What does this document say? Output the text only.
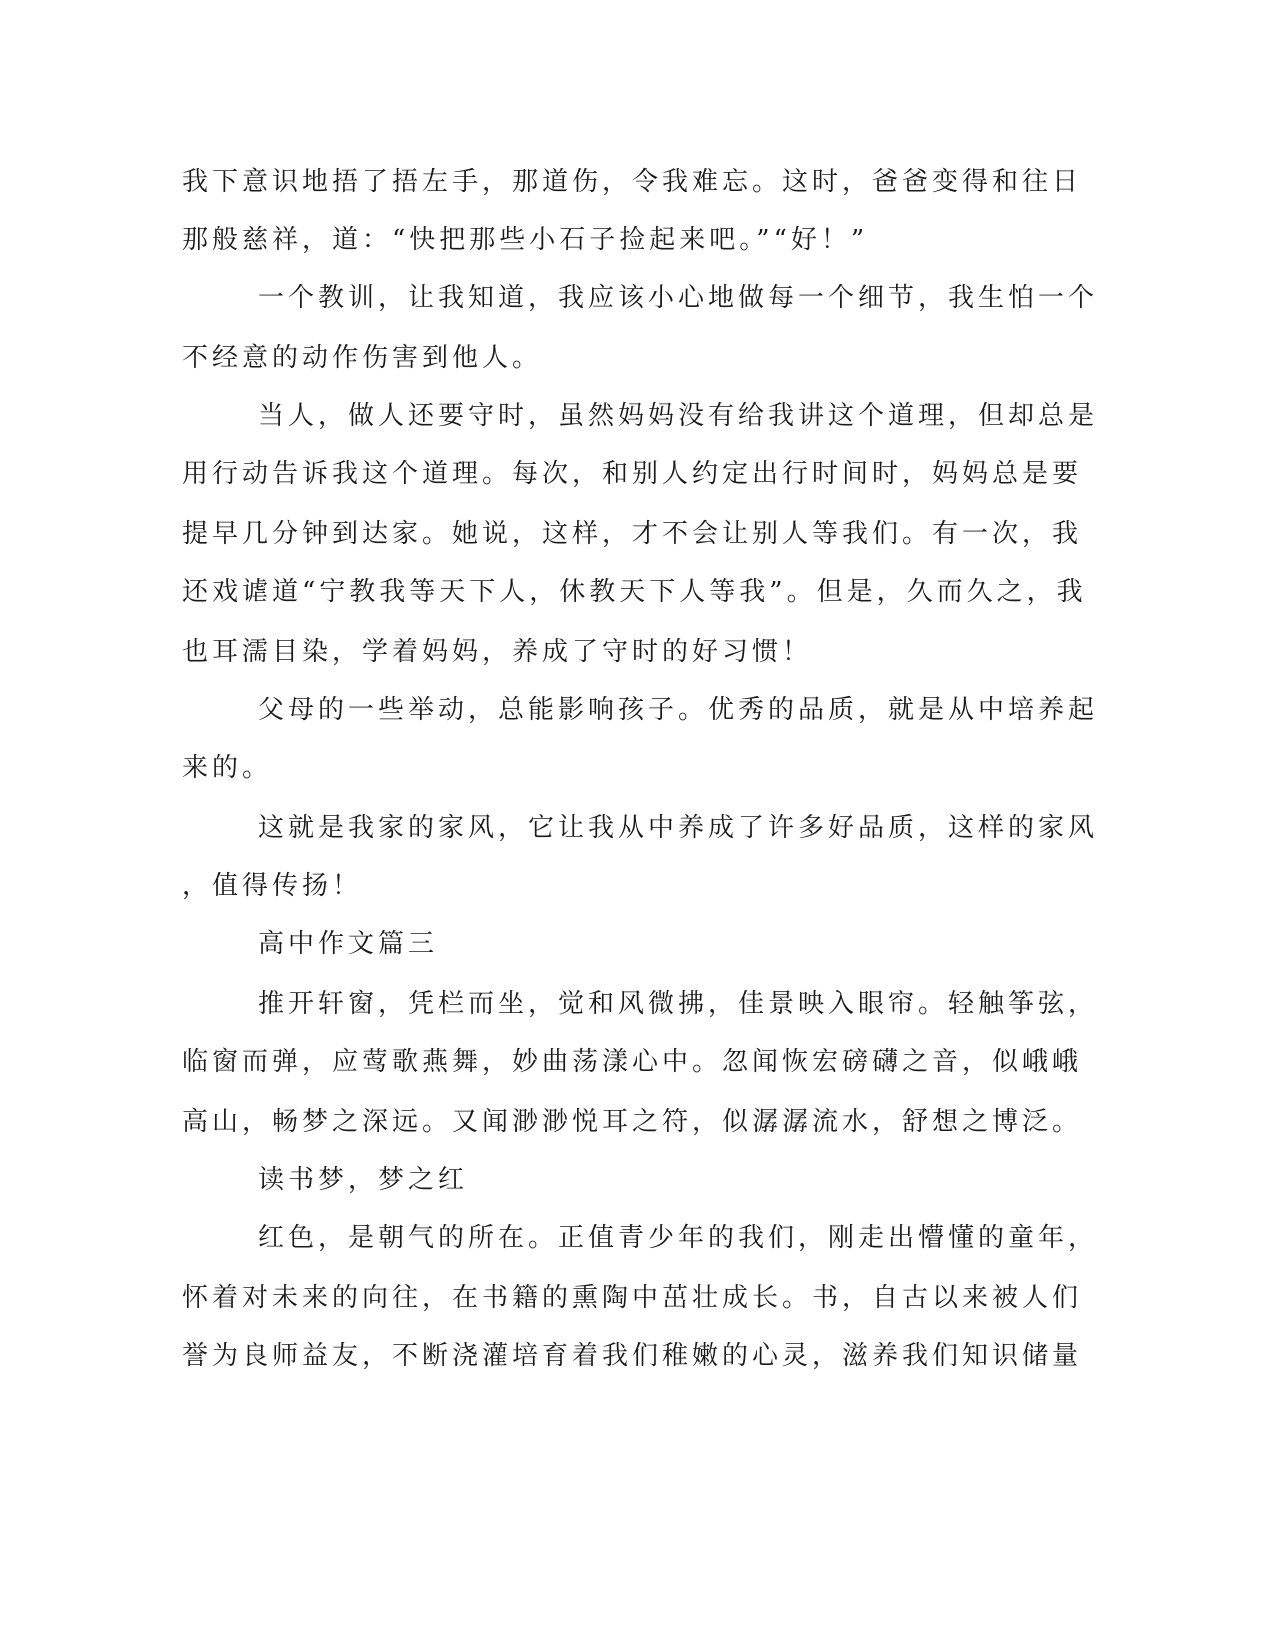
我下意识地捂了捂左手，那道伤，令我难忘。这时，爸爸变得和往日
那般慈祥，道：“快把那些小石子捡起来吧。”“好！”
一个教训，让我知道，我应该小心地做每一个细节，我生怕一个
不经意的动作伤害到他人。
当人，做人还要守时，虽然妈妈没有给我讲这个道理，但却总是
用行动告诉我这个道理。每次，和别人约定出行时间时，妈妈总是要
提早几分钟到达家。她说，这样，才不会让别人等我们。有一次，我
还戏谑道“宁教我等天下人，休教天下人等我”。但是，久而久之，我
也耳濡目染，学着妈妈，养成了守时的好习惯！
父母的一些举动，总能影响孩子。优秀的品质，就是从中培养起
来的。
这就是我家的家风，它让我从中养成了许多好品质，这样的家风
，值得传扬！
高中作文篇三
推开轩窗，凭栏而坐，觉和风微拂，佳景映入眼帘。轻触筝弦，
临窗而弹，应莺歌燕舞，妙曲荡漾心中。忽闻恢宏磅礴之音，似峨峨
高山，畅梦之深远。又闻渺渺悦耳之符，似潺潺流水，舒想之博泛。
读书梦，梦之红
红色，是朝气的所在。正值青少年的我们，刚走出懵懂的童年，
怀着对未来的向往，在书籍的熏陶中茁壮成长。书，自古以来被人们
誉为良师益友，不断浇灌培育着我们稚嫩的心灵，滋养我们知识储量
